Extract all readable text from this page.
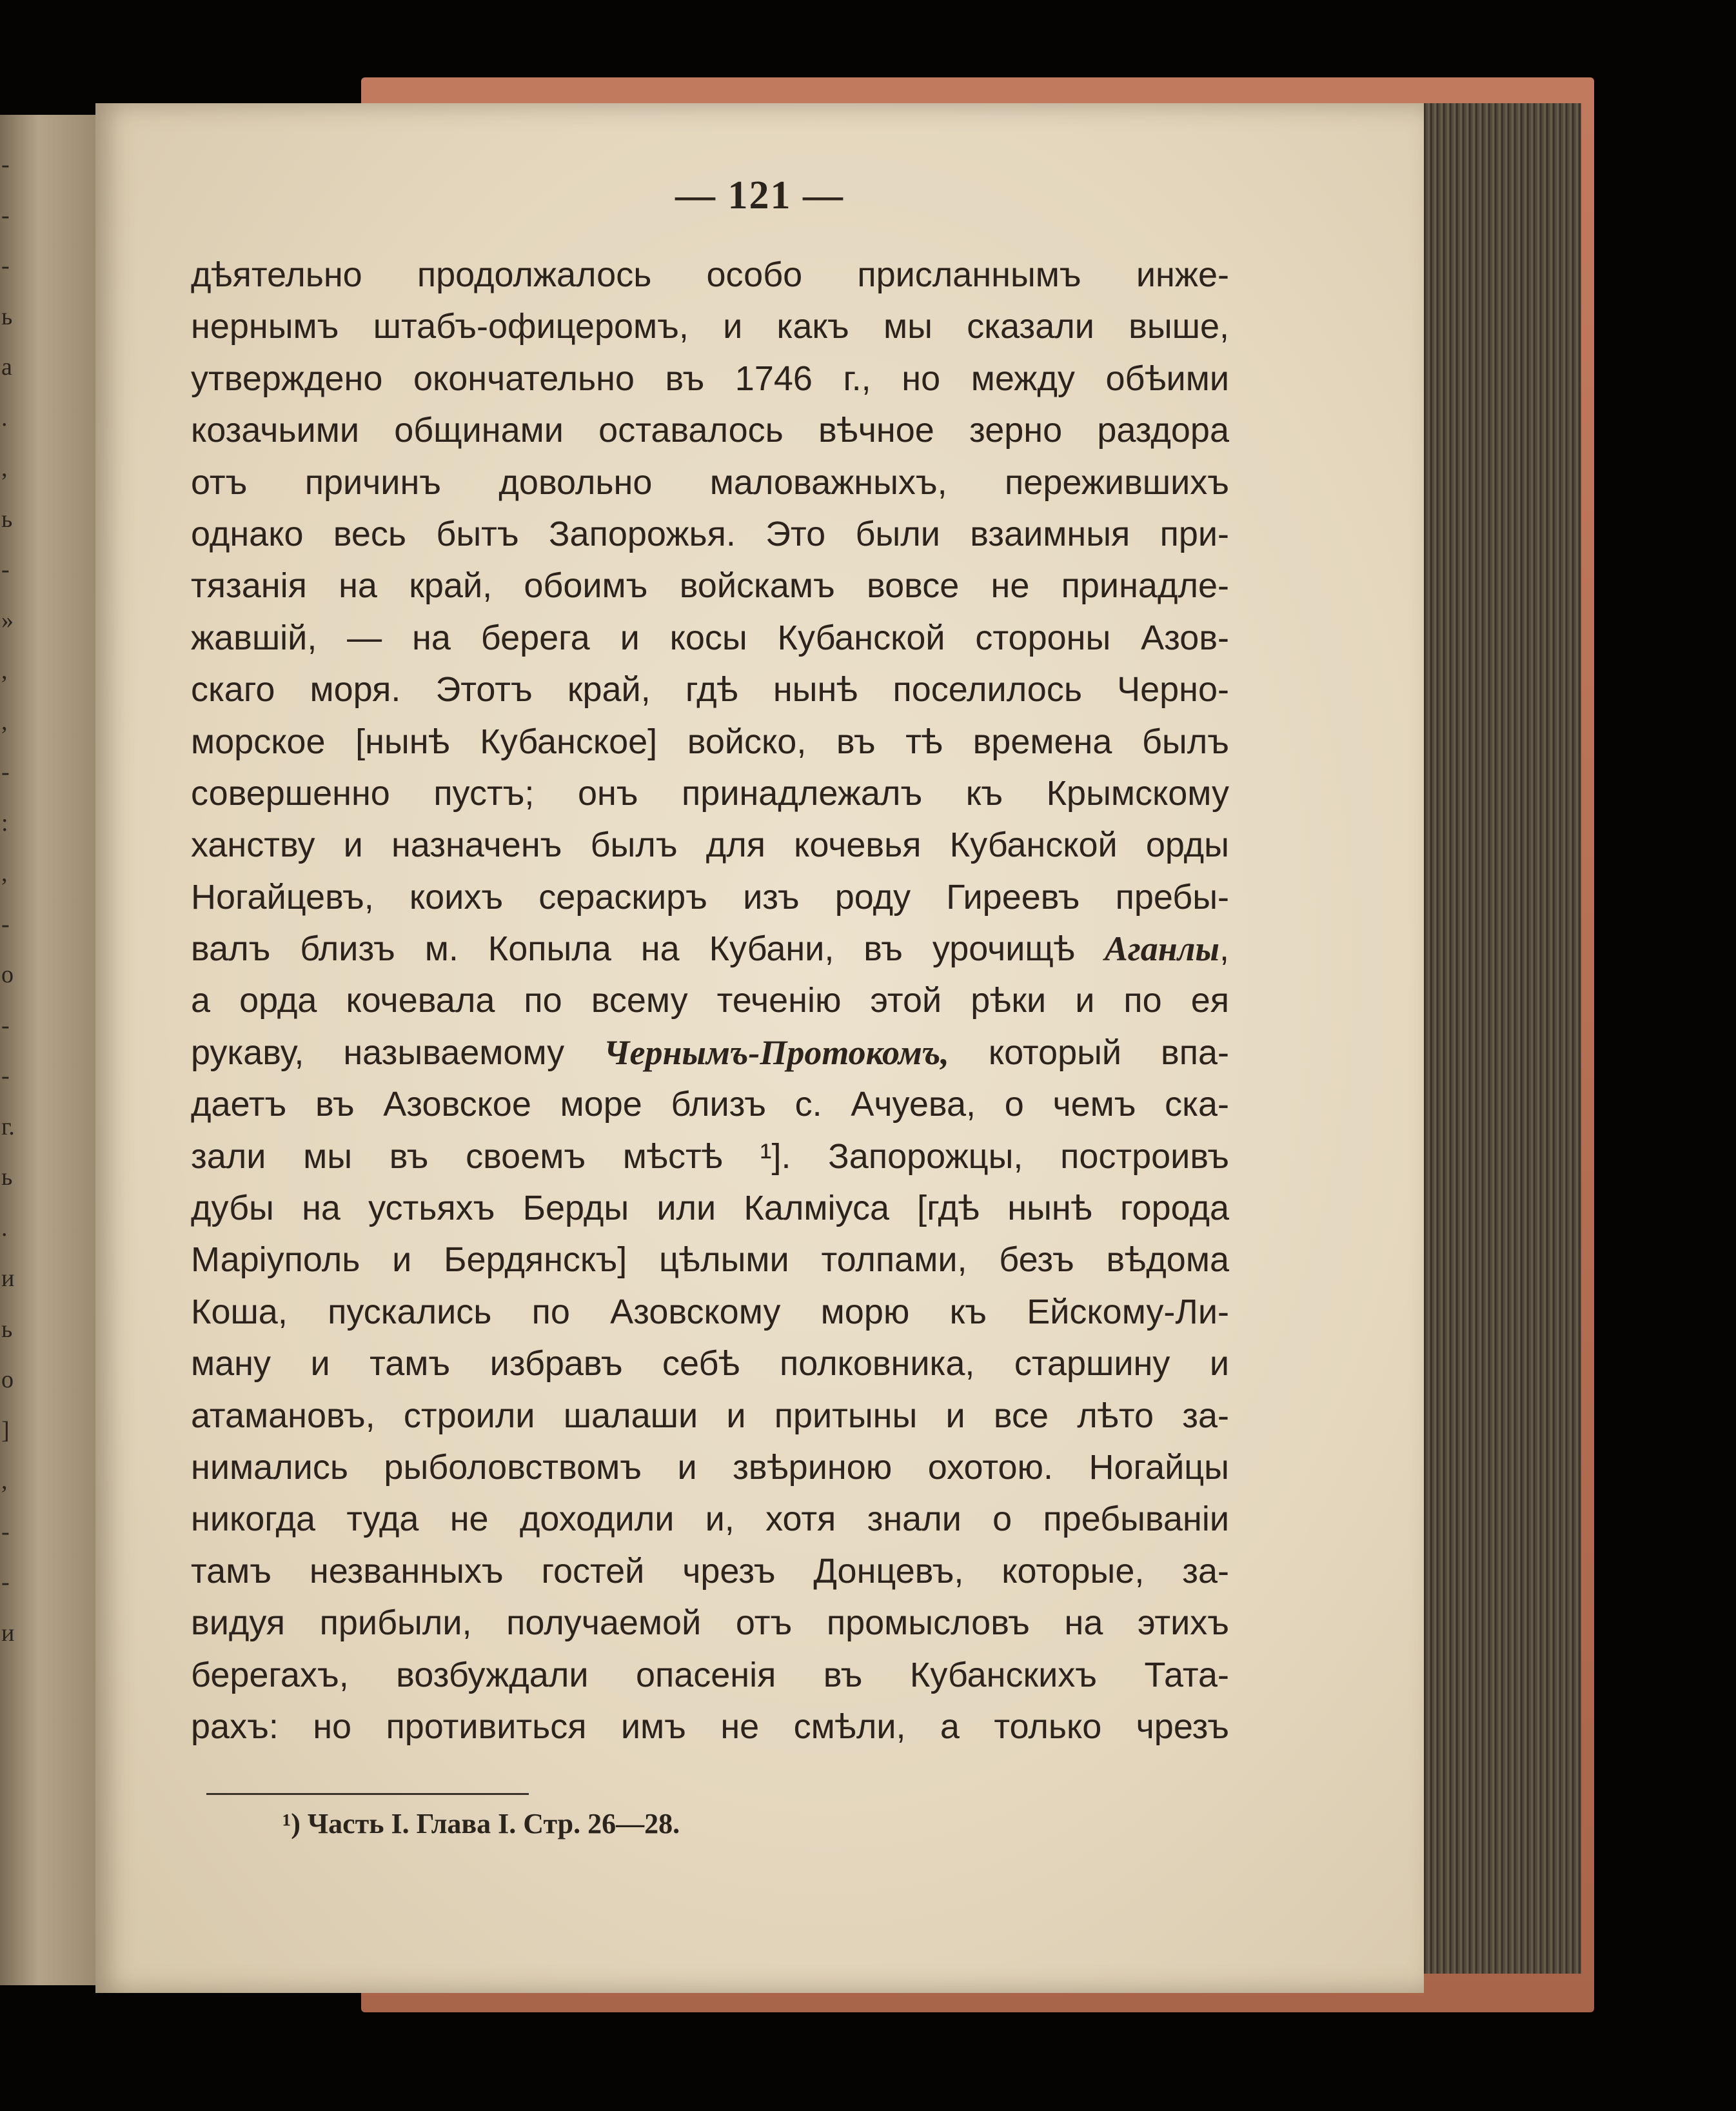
-
-
-
ь
а
.
,
ь
-
»
,
,
-
:
,
-
о
-
-
г.
ь
.
и
ь
о
]
,
-
-
и
— 121 —
дѣятельно продолжалось особо присланнымъ инже-
нернымъ штабъ-офицеромъ, и какъ мы сказали выше,
утверждено окончательно въ 1746 г., но между обѣими
козачьими общинами оставалось вѣчное зерно раздора
отъ причинъ довольно маловажныхъ, пережившихъ
однако весь бытъ Запорожья. Это были взаимныя при-
тязанія на край, обоимъ войскамъ вовсе не принадле-
жавшій, — на берега и косы Кубанской стороны Азов-
скаго моря. Этотъ край, гдѣ нынѣ поселилось Черно-
морское [нынѣ Кубанское] войско, въ тѣ времена былъ
совершенно пустъ; онъ принадлежалъ къ Крымскому
ханству и назначенъ былъ для кочевья Кубанской орды
Ногайцевъ, коихъ сераскиръ изъ роду Гиреевъ пребы-
валъ близъ м. Копыла на Кубани, въ урочищѣ Аганлы,
а орда кочевала по всему теченію этой рѣки и по ея
рукаву, называемому Чернымъ-Протокомъ, который впа-
даетъ въ Азовское море близъ с. Ачуева, о чемъ ска-
зали мы въ своемъ мѣстѣ ¹]. Запорожцы, построивъ
дубы на устьяхъ Берды или Калміуса [гдѣ нынѣ города
Маріуполь и Бердянскъ] цѣлыми толпами, безъ вѣдома
Коша, пускались по Азовскому морю къ Ейскому-Ли-
ману и тамъ избравъ себѣ полковника, старшину и
атамановъ, строили шалаши и притыны и все лѣто за-
нимались рыболовствомъ и звѣриною охотою. Ногайцы
никогда туда не доходили и, хотя знали о пребываніи
тамъ незванныхъ гостей чрезъ Донцевъ, которые, за-
видуя прибыли, получаемой отъ промысловъ на этихъ
берегахъ, возбуждали опасенія въ Кубанскихъ Тата-
рахъ: но противиться имъ не смѣли, а только чрезъ
¹) Часть I. Глава I. Стр. 26—28.
